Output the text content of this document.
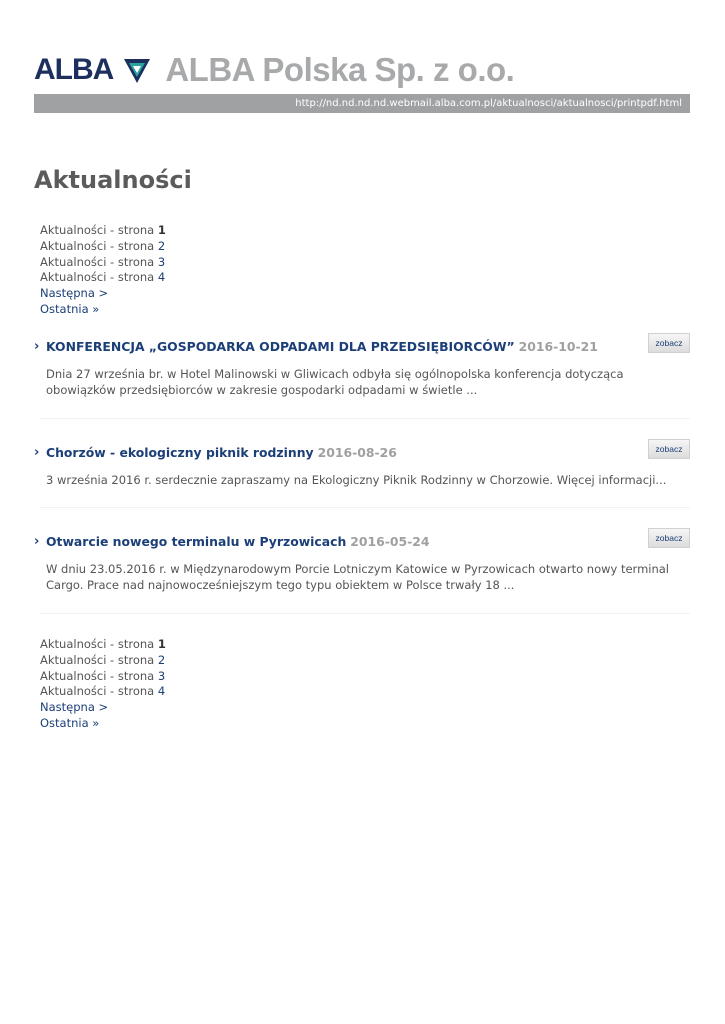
ALBA ALBA Polska Sp. z o.o.
http://nd.nd.nd.nd.webmail.alba.com.pl/aktualnosci/aktualnosci/printpdf.html
Aktualności
Aktualności - strona 1
Aktualności - strona 2
Aktualności - strona 3
Aktualności - strona 4
Następna >
Ostatnia »
› KONFERENCJA „GOSPODARKA ODPADAMI DLA PRZEDSIĘBIORCÓW” 2016-10-21	zobacz

Dnia 27 września br. w Hotel Malinowski w Gliwicach odbyła się ogólnopolska konferencja dotycząca obowiązków przedsiębiorców w zakresie gospodarki odpadami w świetle ...

› Chorzów - ekologiczny piknik rodzinny 2016-08-26	zobacz

3 września 2016 r. serdecznie zapraszamy na Ekologiczny Piknik Rodzinny w Chorzowie. Więcej informacji...

› Otwarcie nowego terminalu w Pyrzowicach 2016-05-24	zobacz

W dniu 23.05.2016 r. w Międzynarodowym Porcie Lotniczym Katowice w Pyrzowicach otwarto nowy terminal Cargo. Prace nad najnowocześniejszym tego typu obiektem w Polsce trwały 18 ...

Aktualności - strona 1
Aktualności - strona 2
Aktualności - strona 3
Aktualności - strona 4
Następna >
Ostatnia »
